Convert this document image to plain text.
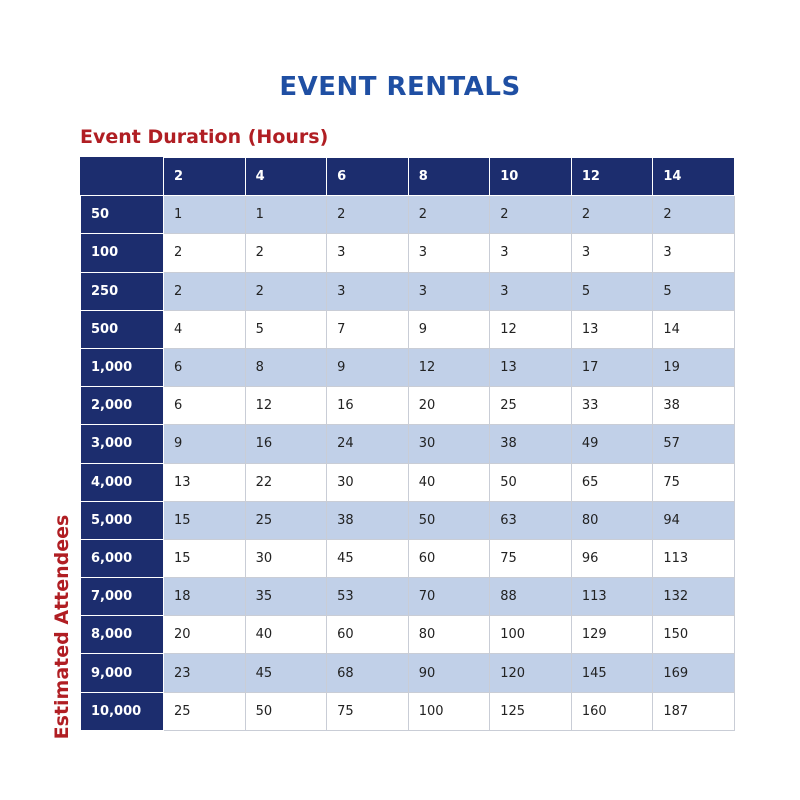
EVENT RENTALS
Event Duration (Hours)
Estimated Attendees
	2	4	6	8	10	12	14
50	1	1	2	2	2	2	2
100	2	2	3	3	3	3	3
250	2	2	3	3	3	5	5
500	4	5	7	9	12	13	14
1,000	6	8	9	12	13	17	19
2,000	6	12	16	20	25	33	38
3,000	9	16	24	30	38	49	57
4,000	13	22	30	40	50	65	75
5,000	15	25	38	50	63	80	94
6,000	15	30	45	60	75	96	113
7,000	18	35	53	70	88	113	132
8,000	20	40	60	80	100	129	150
9,000	23	45	68	90	120	145	169
10,000	25	50	75	100	125	160	187
